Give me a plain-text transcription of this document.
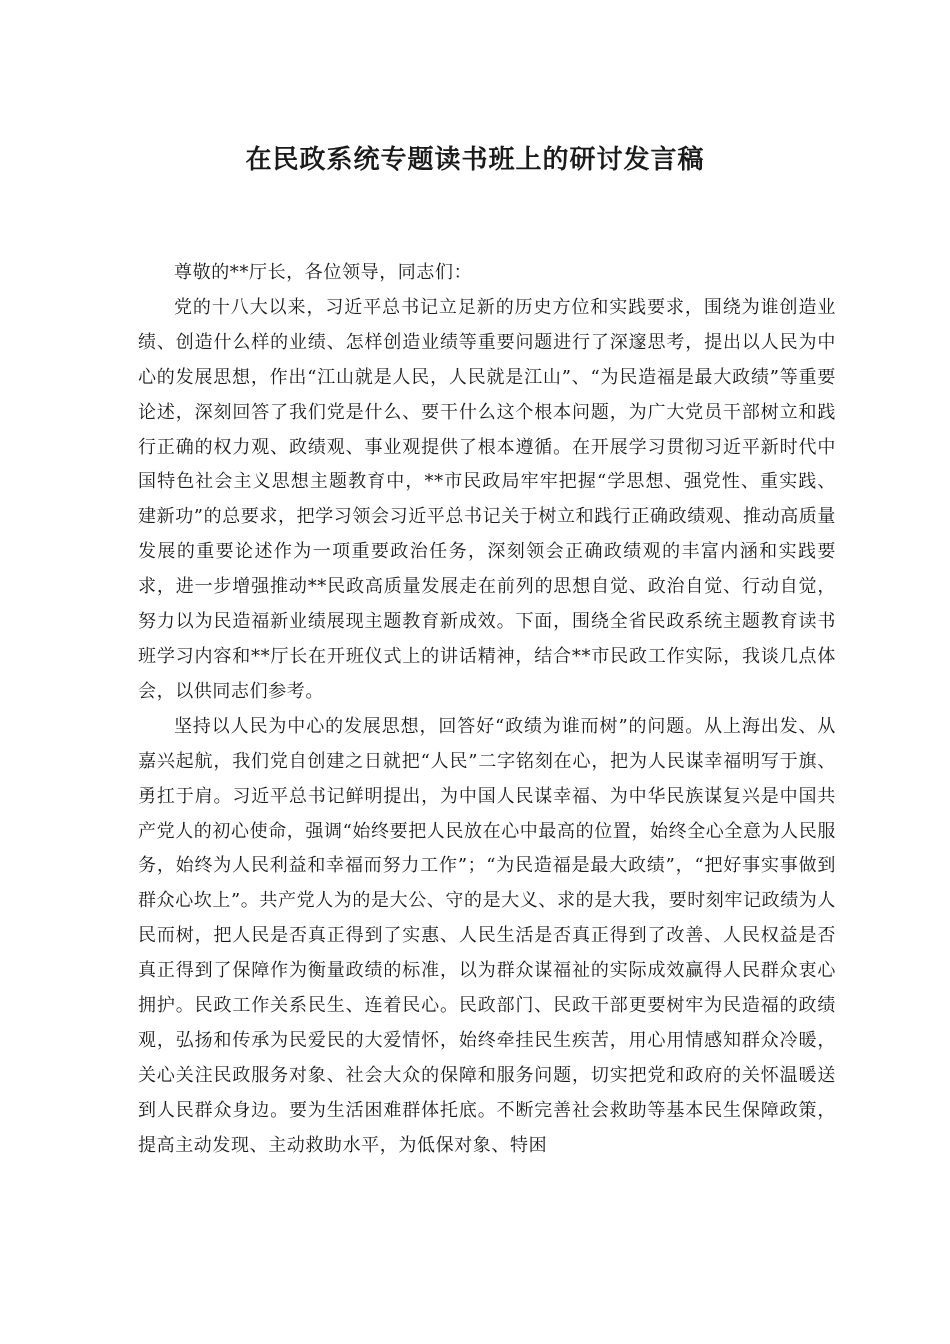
在民政系统专题读书班上的研讨发言稿

尊敬的**厅长，各位领导，同志们：

党的十八大以来，习近平总书记立足新的历史方位和实践要求，围绕为谁创造业绩、创造什么样的业绩、怎样创造业绩等重要问题进行了深邃思考，提出以人民为中心的发展思想，作出“江山就是人民，人民就是江山”、“为民造福是最大政绩”等重要论述，深刻回答了我们党是什么、要干什么这个根本问题，为广大党员干部树立和践行正确的权力观、政绩观、事业观提供了根本遵循。在开展学习贯彻习近平新时代中国特色社会主义思想主题教育中，**市民政局牢牢把握“学思想、强党性、重实践、建新功”的总要求，把学习领会习近平总书记关于树立和践行正确政绩观、推动高质量发展的重要论述作为一项重要政治任务，深刻领会正确政绩观的丰富内涵和实践要求，进一步增强推动**民政高质量发展走在前列的思想自觉、政治自觉、行动自觉，努力以为民造福新业绩展现主题教育新成效。下面，围绕全省民政系统主题教育读书班学习内容和**厅长在开班仪式上的讲话精神，结合**市民政工作实际，我谈几点体会，以供同志们参考。

坚持以人民为中心的发展思想，回答好“政绩为谁而树”的问题。从上海出发、从嘉兴起航，我们党自创建之日就把“人民”二字铭刻在心，把为人民谋幸福明写于旗、勇扛于肩。习近平总书记鲜明提出，为中国人民谋幸福、为中华民族谋复兴是中国共产党人的初心使命，强调“始终要把人民放在心中最高的位置，始终全心全意为人民服务，始终为人民利益和幸福而努力工作”；“为民造福是最大政绩”，“把好事实事做到群众心坎上”。共产党人为的是大公、守的是大义、求的是大我，要时刻牢记政绩为人民而树，把人民是否真正得到了实惠、人民生活是否真正得到了改善、人民权益是否真正得到了保障作为衡量政绩的标准，以为群众谋福祉的实际成效赢得人民群众衷心拥护。民政工作关系民生、连着民心。民政部门、民政干部更要树牢为民造福的政绩观，弘扬和传承为民爱民的大爱情怀，始终牵挂民生疾苦，用心用情感知群众冷暖，关心关注民政服务对象、社会大众的保障和服务问题，切实把党和政府的关怀温暖送到人民群众身边。要为生活困难群体托底。不断完善社会救助等基本民生保障政策，提高主动发现、主动救助水平，为低保对象、特困
